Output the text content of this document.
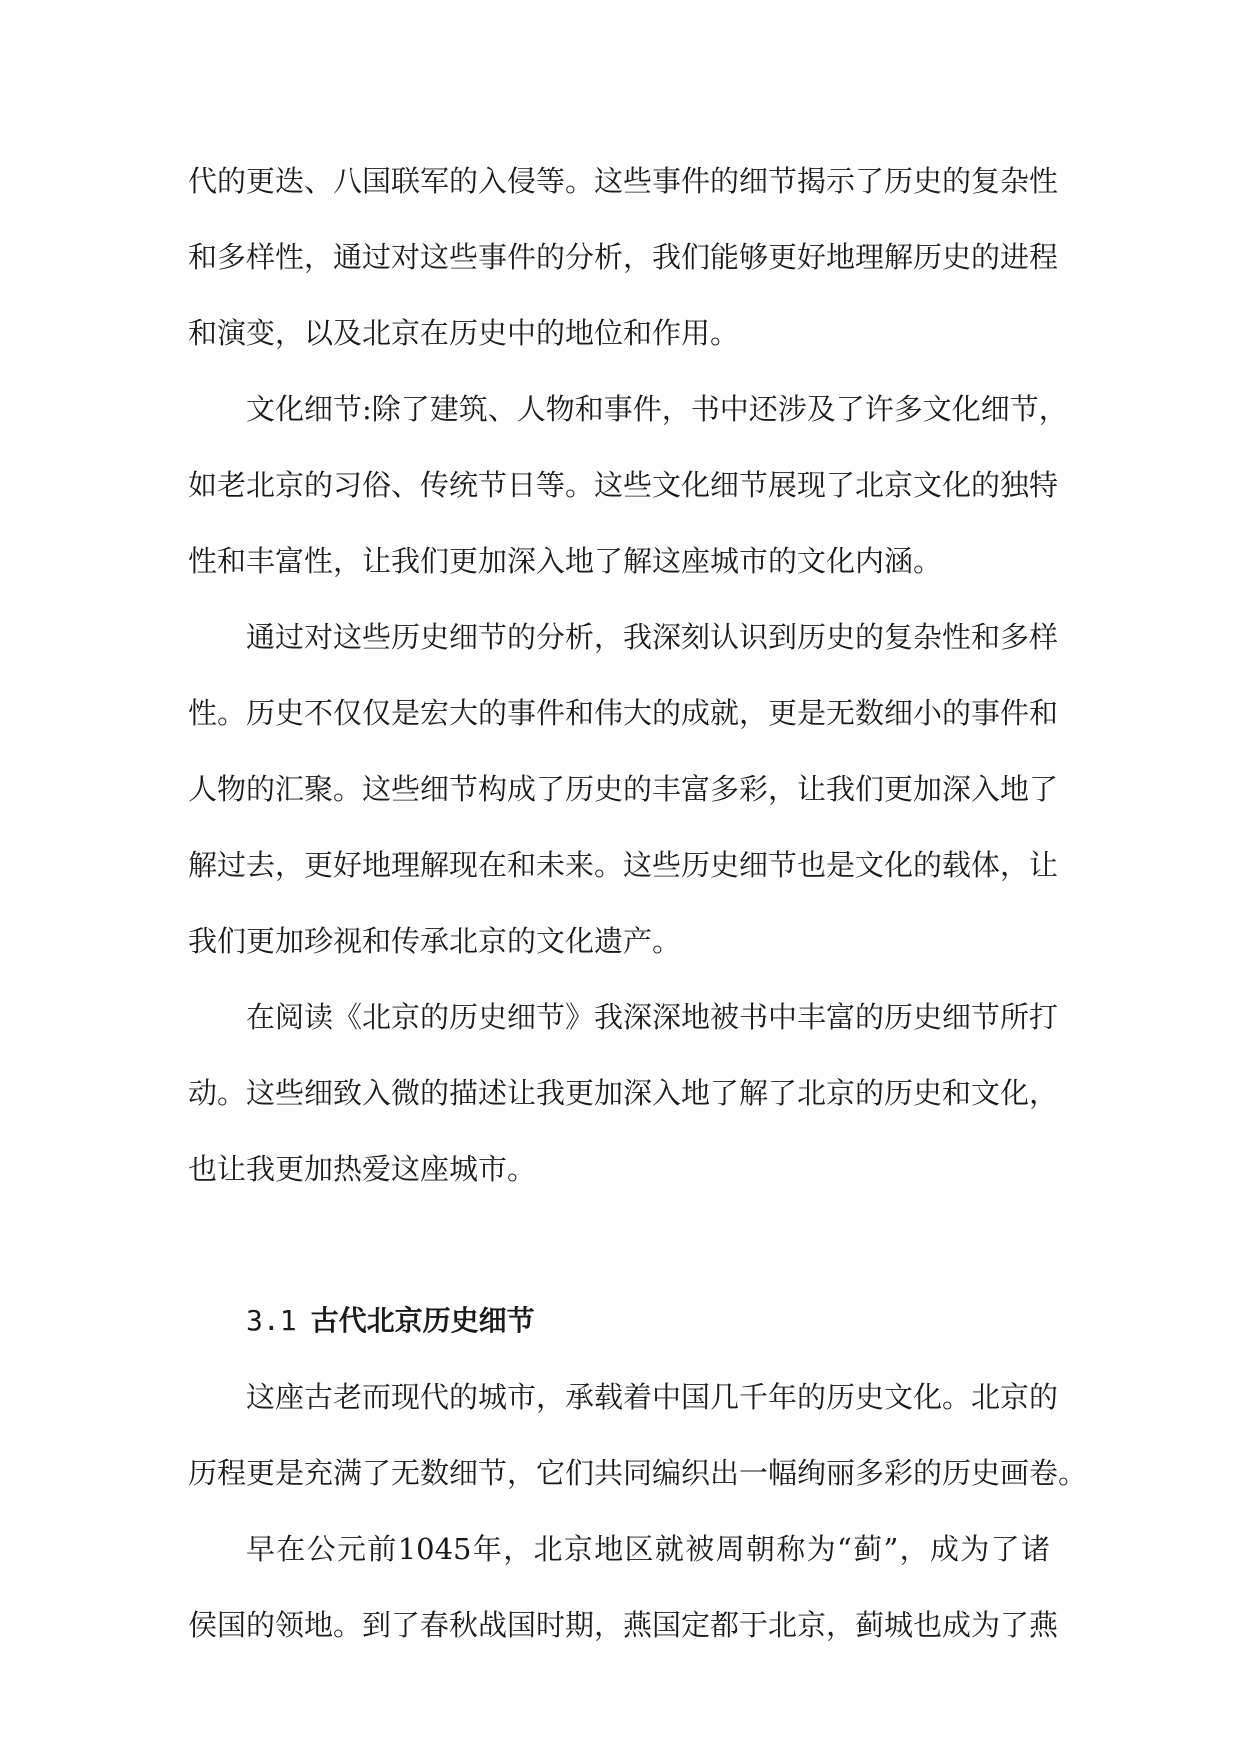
代的更迭、八国联军的入侵等。这些事件的细节揭示了历史的复杂性
和多样性，通过对这些事件的分析，我们能够更好地理解历史的进程
和演变，以及北京在历史中的地位和作用。
文化细节:除了建筑、人物和事件，书中还涉及了许多文化细节，
如老北京的习俗、传统节日等。这些文化细节展现了北京文化的独特
性和丰富性，让我们更加深入地了解这座城市的文化内涵。
通过对这些历史细节的分析，我深刻认识到历史的复杂性和多样
性。历史不仅仅是宏大的事件和伟大的成就，更是无数细小的事件和
人物的汇聚。这些细节构成了历史的丰富多彩，让我们更加深入地了
解过去，更好地理解现在和未来。这些历史细节也是文化的载体，让
我们更加珍视和传承北京的文化遗产。
在阅读《北京的历史细节》我深深地被书中丰富的历史细节所打
动。这些细致入微的描述让我更加深入地了解了北京的历史和文化，
也让我更加热爱这座城市。
3.1 古代北京历史细节
这座古老而现代的城市，承载着中国几千年的历史文化。北京的
历程更是充满了无数细节，它们共同编织出一幅绚丽多彩的历史画卷。
早在公元前1045年，北京地区就被周朝称为“蓟”，成为了诸
侯国的领地。到了春秋战国时期，燕国定都于北京，蓟城也成为了燕
